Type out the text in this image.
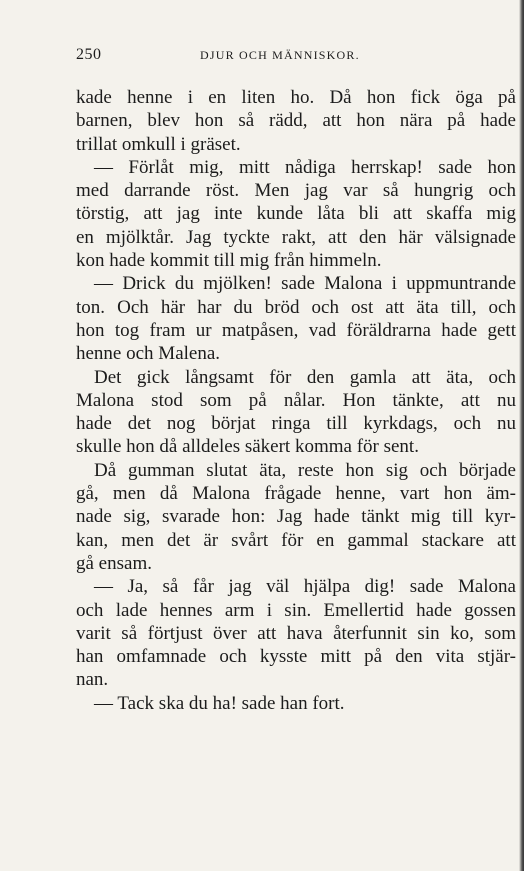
250	DJUR OCH MÄNNISKOR.
kade henne i en liten ho. Då hon fick öga på
barnen, blev hon så rädd, att hon nära på hade
trillat omkull i gräset.
— Förlåt mig, mitt nådiga herrskap! sade hon
med darrande röst. Men jag var så hungrig och
törstig, att jag inte kunde låta bli att skaffa mig
en mjölktår. Jag tyckte rakt, att den här välsignade
kon hade kommit till mig från himmeln.
— Drick du mjölken! sade Malona i uppmuntrande
ton. Och här har du bröd och ost att äta till, och
hon tog fram ur matpåsen, vad föräldrarna hade gett
henne och Malena.
Det gick långsamt för den gamla att äta, och
Malona stod som på nålar. Hon tänkte, att nu
hade det nog börjat ringa till kyrkdags, och nu
skulle hon då alldeles säkert komma för sent.
Då gumman slutat äta, reste hon sig och började
gå, men då Malona frågade henne, vart hon äm-
nade sig, svarade hon: Jag hade tänkt mig till kyr-
kan, men det är svårt för en gammal stackare att
gå ensam.
— Ja, så får jag väl hjälpa dig! sade Malona
och lade hennes arm i sin. Emellertid hade gossen
varit så förtjust över att hava återfunnit sin ko, som
han omfamnade och kysste mitt på den vita stjär-
nan.
— Tack ska du ha! sade han fort.
